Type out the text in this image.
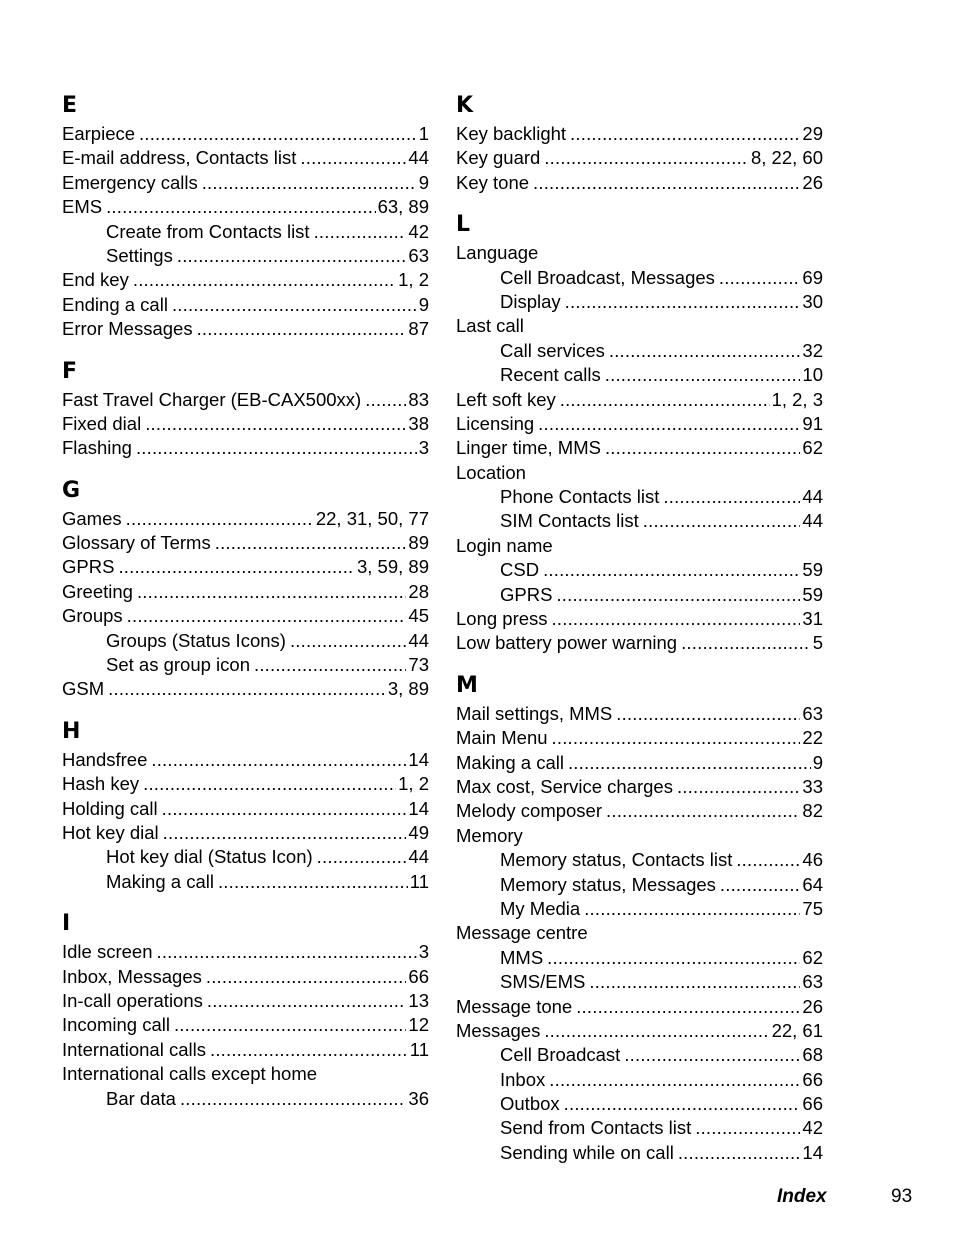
E
Earpiece .....	1
E-mail address, Contacts list .....	44
Emergency calls .....	9
EMS .....	63, 89
Create from Contacts list .....	42
Settings .....	63
End key .....	1, 2
Ending a call .....	9
Error Messages .....	87
F
Fast Travel Charger (EB-CAX500xx) .....	83
Fixed dial .....	38
Flashing .....	3
G
Games .....	22, 31, 50, 77
Glossary of Terms .....	89
GPRS .....	3, 59, 89
Greeting .....	28
Groups .....	45
Groups (Status Icons) .....	44
Set as group icon .....	73
GSM .....	3, 89
H
Handsfree .....	14
Hash key .....	1, 2
Holding call .....	14
Hot key dial .....	49
Hot key dial (Status Icon) .....	44
Making a call .....	11
I
Idle screen .....	3
Inbox, Messages .....	66
In-call operations .....	13
Incoming call .....	12
International calls .....	11
International calls except home
Bar data .....	36
K
Key backlight .....	29
Key guard .....	8, 22, 60
Key tone .....	26
L
Language
Cell Broadcast, Messages .....	69
Display .....	30
Last call
Call services .....	32
Recent calls .....	10
Left soft key .....	1, 2, 3
Licensing .....	91
Linger time, MMS .....	62
Location
Phone Contacts list .....	44
SIM Contacts list .....	44
Login name
CSD .....	59
GPRS .....	59
Long press .....	31
Low battery power warning .....	5
M
Mail settings, MMS .....	63
Main Menu .....	22
Making a call .....	9
Max cost, Service charges .....	33
Melody composer .....	82
Memory
Memory status, Contacts list .....	46
Memory status, Messages .....	64
My Media .....	75
Message centre
MMS .....	62
SMS/EMS .....	63
Message tone .....	26
Messages .....	22, 61
Cell Broadcast .....	68
Inbox .....	66
Outbox .....	66
Send from Contacts list .....	42
Sending while on call .....	14
Index	93
